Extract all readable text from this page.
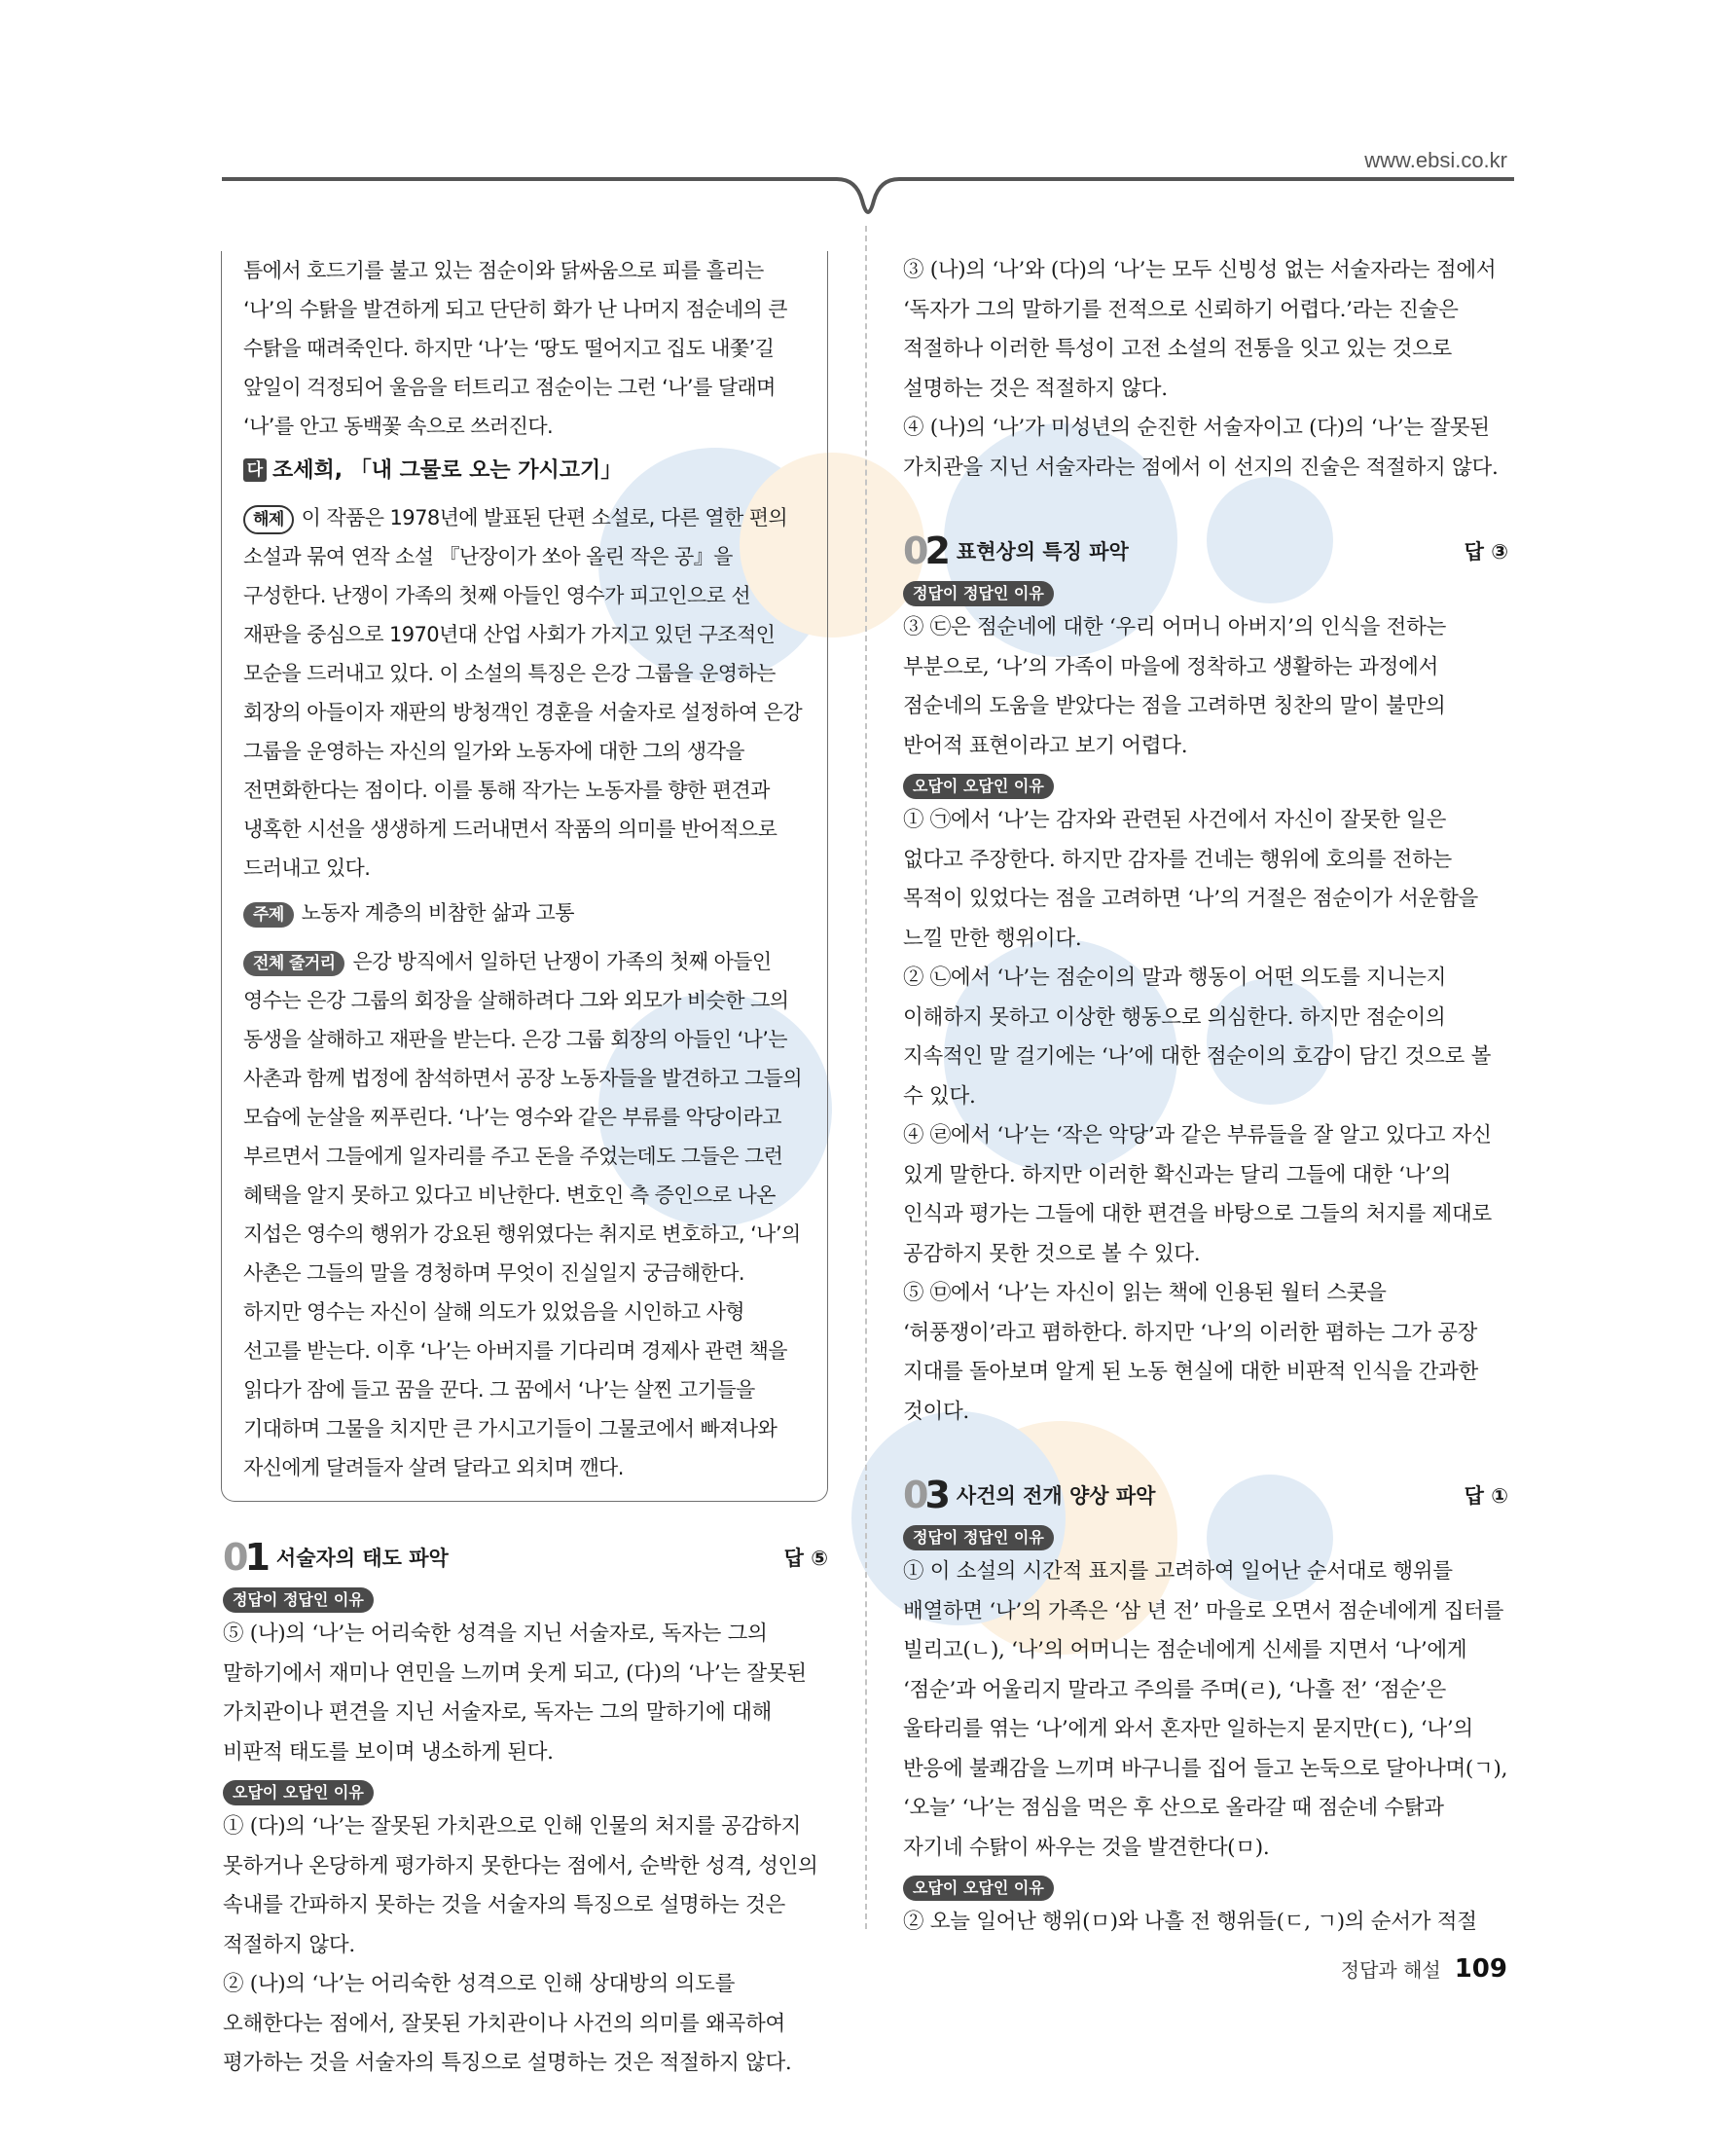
www.ebsi.co.kr

틈에서 호드기를 불고 있는 점순이와 닭싸움으로 피를 흘리는 ‘나’의 수탉을 발견하게 되고 단단히 화가 난 나머지 점순네의 큰 수탉을 때려죽인다. 하지만 ‘나’는 ‘땅도 떨어지고 집도 내쫓’길 앞일이 걱정되어 울음을 터트리고 점순이는 그런 ‘나’를 달래며 ‘나’를 안고 동백꽃 속으로 쓰러진다.

다 조세희, 「내 그물로 오는 가시고기」

해제 이 작품은 1978년에 발표된 단편 소설로, 다른 열한 편의 소설과 묶여 연작 소설 『난장이가 쏘아 올린 작은 공』을 구성한다. 난쟁이 가족의 첫째 아들인 영수가 피고인으로 선 재판을 중심으로 1970년대 산업 사회가 가지고 있던 구조적인 모순을 드러내고 있다. 이 소설의 특징은 은강 그룹을 운영하는 회장의 아들이자 재판의 방청객인 경훈을 서술자로 설정하여 은강 그룹을 운영하는 자신의 일가와 노동자에 대한 그의 생각을 전면화한다는 점이다. 이를 통해 작가는 노동자를 향한 편견과 냉혹한 시선을 생생하게 드러내면서 작품의 의미를 반어적으로 드러내고 있다.

주제 노동자 계층의 비참한 삶과 고통

전체 줄거리 은강 방직에서 일하던 난쟁이 가족의 첫째 아들인 영수는 은강 그룹의 회장을 살해하려다 그와 외모가 비슷한 그의 동생을 살해하고 재판을 받는다. 은강 그룹 회장의 아들인 ‘나’는 사촌과 함께 법정에 참석하면서 공장 노동자들을 발견하고 그들의 모습에 눈살을 찌푸린다. ‘나’는 영수와 같은 부류를 악당이라고 부르면서 그들에게 일자리를 주고 돈을 주었는데도 그들은 그런 혜택을 알지 못하고 있다고 비난한다. 변호인 측 증인으로 나온 지섭은 영수의 행위가 강요된 행위였다는 취지로 변호하고, ‘나’의 사촌은 그들의 말을 경청하며 무엇이 진실일지 궁금해한다. 하지만 영수는 자신이 살해 의도가 있었음을 시인하고 사형 선고를 받는다. 이후 ‘나’는 아버지를 기다리며 경제사 관련 책을 읽다가 잠에 들고 꿈을 꾼다. 그 꿈에서 ‘나’는 살찐 고기들을 기대하며 그물을 치지만 큰 가시고기들이 그물코에서 빠져나와 자신에게 달려들자 살려 달라고 외치며 깬다.

01 서술자의 태도 파악	답 ⑤
정답이 정답인 이유

⑤ (나)의 ‘나’는 어리숙한 성격을 지닌 서술자로, 독자는 그의 말하기에서 재미나 연민을 느끼며 웃게 되고, (다)의 ‘나’는 잘못된 가치관이나 편견을 지닌 서술자로, 독자는 그의 말하기에 대해 비판적 태도를 보이며 냉소하게 된다.

오답이 오답인 이유

① (다)의 ‘나’는 잘못된 가치관으로 인해 인물의 처지를 공감하지 못하거나 온당하게 평가하지 못한다는 점에서, 순박한 성격, 성인의 속내를 간파하지 못하는 것을 서술자의 특징으로 설명하는 것은 적절하지 않다.

② (나)의 ‘나’는 어리숙한 성격으로 인해 상대방의 의도를 오해한다는 점에서, 잘못된 가치관이나 사건의 의미를 왜곡하여 평가하는 것을 서술자의 특징으로 설명하는 것은 적절하지 않다.

③ (나)의 ‘나’와 (다)의 ‘나’는 모두 신빙성 없는 서술자라는 점에서 ‘독자가 그의 말하기를 전적으로 신뢰하기 어렵다.’라는 진술은 적절하나 이러한 특성이 고전 소설의 전통을 잇고 있는 것으로 설명하는 것은 적절하지 않다.

④ (나)의 ‘나’가 미성년의 순진한 서술자이고 (다)의 ‘나’는 잘못된 가치관을 지닌 서술자라는 점에서 이 선지의 진술은 적절하지 않다.

02 표현상의 특징 파악	답 ③
정답이 정답인 이유

③ ㉢은 점순네에 대한 ‘우리 어머니 아버지’의 인식을 전하는 부분으로, ‘나’의 가족이 마을에 정착하고 생활하는 과정에서 점순네의 도움을 받았다는 점을 고려하면 칭찬의 말이 불만의 반어적 표현이라고 보기 어렵다.

오답이 오답인 이유

① ㉠에서 ‘나’는 감자와 관련된 사건에서 자신이 잘못한 일은 없다고 주장한다. 하지만 감자를 건네는 행위에 호의를 전하는 목적이 있었다는 점을 고려하면 ‘나’의 거절은 점순이가 서운함을 느낄 만한 행위이다.

② ㉡에서 ‘나’는 점순이의 말과 행동이 어떤 의도를 지니는지 이해하지 못하고 이상한 행동으로 의심한다. 하지만 점순이의 지속적인 말 걸기에는 ‘나’에 대한 점순이의 호감이 담긴 것으로 볼 수 있다.

④ ㉣에서 ‘나’는 ‘작은 악당’과 같은 부류들을 잘 알고 있다고 자신 있게 말한다. 하지만 이러한 확신과는 달리 그들에 대한 ‘나’의 인식과 평가는 그들에 대한 편견을 바탕으로 그들의 처지를 제대로 공감하지 못한 것으로 볼 수 있다.

⑤ ㉤에서 ‘나’는 자신이 읽는 책에 인용된 월터 스콧을 ‘허풍쟁이’라고 폄하한다. 하지만 ‘나’의 이러한 폄하는 그가 공장 지대를 돌아보며 알게 된 노동 현실에 대한 비판적 인식을 간과한 것이다.

03 사건의 전개 양상 파악	답 ①
정답이 정답인 이유

① 이 소설의 시간적 표지를 고려하여 일어난 순서대로 행위를 배열하면 ‘나’의 가족은 ‘삼 년 전’ 마을로 오면서 점순네에게 집터를 빌리고(ㄴ), ‘나’의 어머니는 점순네에게 신세를 지면서 ‘나’에게 ‘점순’과 어울리지 말라고 주의를 주며(ㄹ), ‘나흘 전’ ‘점순’은 울타리를 엮는 ‘나’에게 와서 혼자만 일하는지 묻지만(ㄷ), ‘나’의 반응에 불쾌감을 느끼며 바구니를 집어 들고 논둑으로 달아나며(ㄱ), ‘오늘’ ‘나’는 점심을 먹은 후 산으로 올라갈 때 점순네 수탉과 자기네 수탉이 싸우는 것을 발견한다(ㅁ).

오답이 오답인 이유

② 오늘 일어난 행위(ㅁ)와 나흘 전 행위들(ㄷ, ㄱ)의 순서가 적절

정답과 해설 109
